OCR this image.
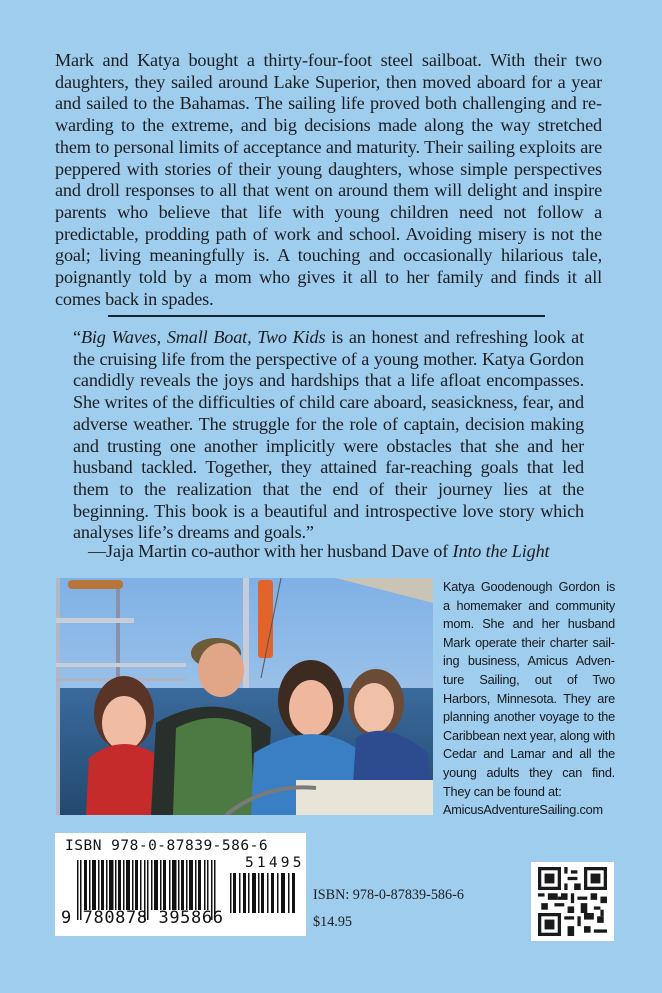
Mark and Katya bought a thirty-four-foot steel sailboat. With their two daughters, they sailed around Lake Superior, then moved aboard for a year and sailed to the Bahamas. The sailing life proved both challenging and rewarding to the extreme, and big decisions made along the way stretched them to personal limits of acceptance and maturity. Their sailing exploits are peppered with stories of their young daughters, whose simple perspectives and droll responses to all that went on around them will delight and inspire parents who believe that life with young children need not follow a predictable, prodding path of work and school. Avoiding misery is not the goal; living meaningfully is. A touching and occasionally hilarious tale, poignantly told by a mom who gives it all to her family and finds it all comes back in spades.
“Big Waves, Small Boat, Two Kids is an honest and refreshing look at the cruising life from the perspective of a young mother. Katya Gordon candidly reveals the joys and hardships that a life afloat encompasses. She writes of the difficulties of child care aboard, seasickness, fear, and adverse weather. The struggle for the role of captain, decision making and trusting one another implicitly were obstacles that she and her husband tackled. Together, they attained far-reaching goals that led them to the realization that the end of their journey lies at the beginning. This book is a beautiful and introspective love story which analyses life’s dreams and goals.”
—Jaja Martin co-author with her husband Dave of Into the Light
Katya Goodenough Gordon is a homemaker and community mom. She and her husband Mark operate their charter sailing business, Amicus Adventure Sailing, out of Two Harbors, Minnesota. They are planning another voyage to the Caribbean next year, along with Cedar and Lamar and all the young adults they can find. They can be found at:
AmicusAdventureSailing.com
ISBN 978-0-87839-586-6
51495
9 780878 395866
ISBN: 978-0-87839-586-6
$14.95
